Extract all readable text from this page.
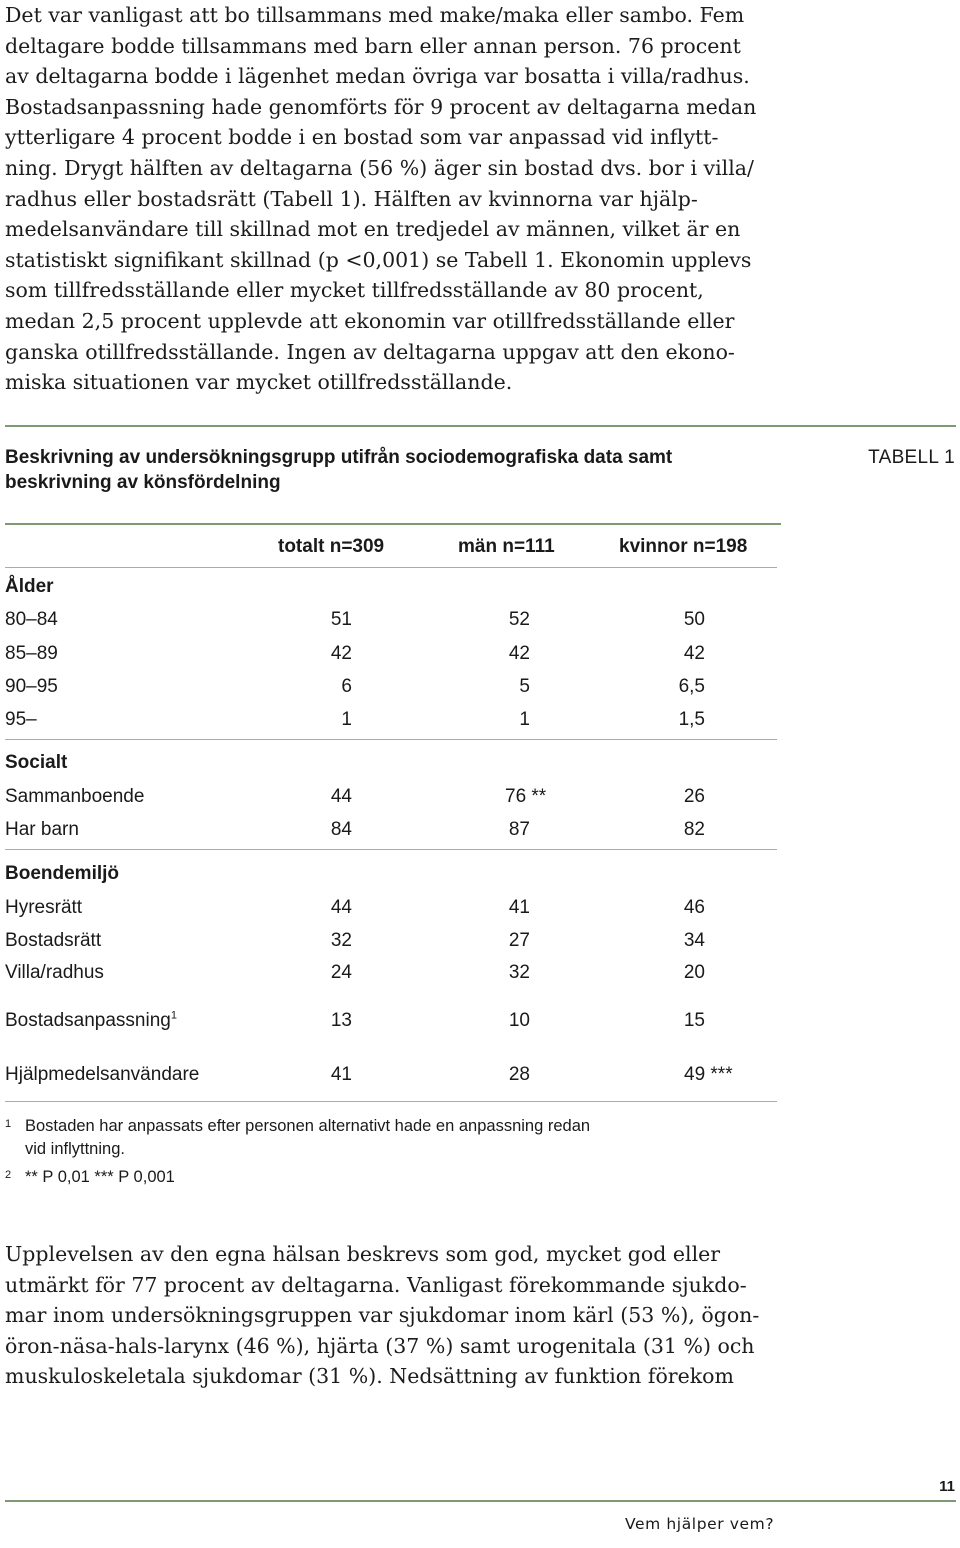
Det var vanligast att bo tillsammans med make/maka eller sambo. Fem
deltagare bodde tillsammans med barn eller annan person. 76 procent
av deltagarna bodde i lägenhet medan övriga var bosatta i villa/radhus.
Bostadsanpassning hade genomförts för 9 procent av deltagarna medan
ytterligare 4 procent bodde i en bostad som var anpassad vid inflytt-
ning. Drygt hälften av deltagarna (56 %) äger sin bostad dvs. bor i villa/
radhus eller bostadsrätt (Tabell 1). Hälften av kvinnorna var hjälp-
medelsanvändare till skillnad mot en tredjedel av männen, vilket är en
statistiskt signifikant skillnad (p <0,001) se Tabell 1. Ekonomin upplevs
som tillfredsställande eller mycket tillfredsställande av 80 procent,
medan 2,5 procent upplevde att ekonomin var otillfredsställande eller
ganska otillfredsställande. Ingen av deltagarna uppgav att den ekono-
miska situationen var mycket otillfredsställande.
Beskrivning av undersökningsgrupp utifrån sociodemografiska data samt
beskrivning av könsfördelning
TABELL 1
totalt n=309	män n=111	kvinnor n=198
Ålder
80–84	51	52	50
85–89	42	42	42
90–95	6	5	6,5
95–	1	1	1,5
Socialt
Sammanboende	44	76 **	26
Har barn	84	87	82
Boendemiljö
Hyresrätt	44	41	46
Bostadsrätt	32	27	34
Villa/radhus	24	32	20
Bostadsanpassning$^1$	13	10	15
Hjälpmedelsanvändare	41	28	49 ***
1 Bostaden har anpassats efter personen alternativt hade en anpassning redan
vid inflyttning.
2 ** P 0,01 *** P 0,001
Upplevelsen av den egna hälsan beskrevs som god, mycket god eller
utmärkt för 77 procent av deltagarna. Vanligast förekommande sjukdo-
mar inom undersökningsgruppen var sjukdomar inom kärl (53 %), ögon-
öron-näsa-hals-larynx (46 %), hjärta (37 %) samt urogenitala (31 %) och
muskuloskeletala sjukdomar (31 %). Nedsättning av funktion förekom
11
Vem hjälper vem?
